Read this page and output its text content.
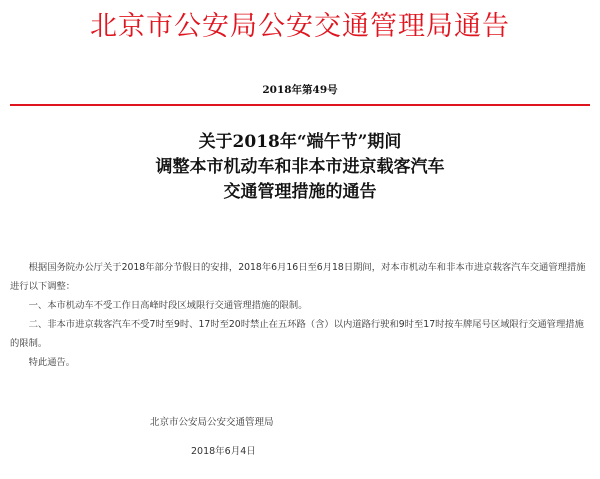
北京市公安局公安交通管理局通告
2018年第49号
关于2018年“端午节”期间
调整本市机动车和非本市进京载客汽车
交通管理措施的通告

根据国务院办公厅关于2018年部分节假日的安排，2018年6月16日至6月18日期间，对本市机动车和非本市进京载客汽车交通管理措施进行以下调整：

一、本市机动车不受工作日高峰时段区域限行交通管理措施的限制。

二、非本市进京载客汽车不受7时至9时、17时至20时禁止在五环路（含）以内道路行驶和9时至17时按车牌尾号区域限行交通管理措施的限制。

特此通告。

北京市公安局公安交通管理局
2018年6月4日
